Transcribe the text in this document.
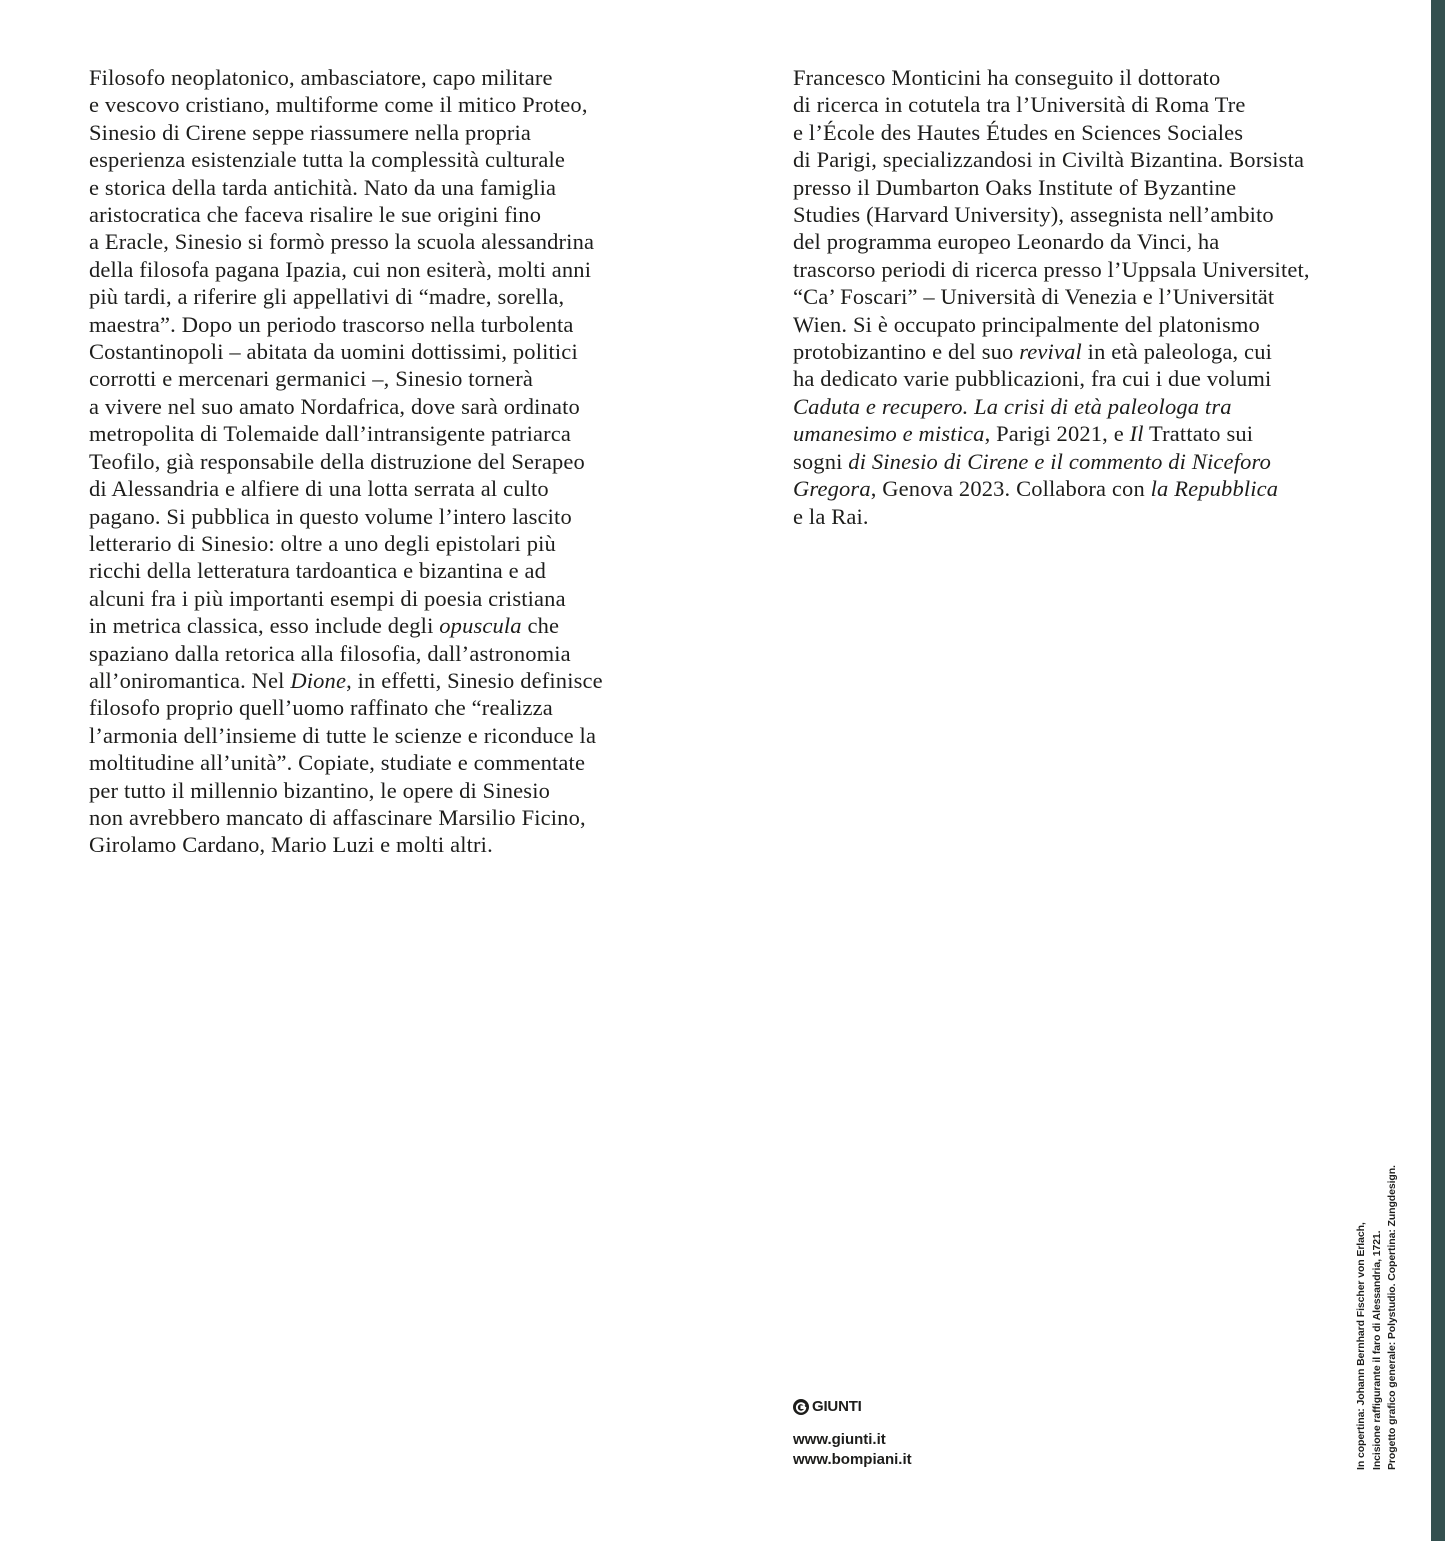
Filosofo neoplatonico, ambasciatore, capo militare
e vescovo cristiano, multiforme come il mitico Proteo,
Sinesio di Cirene seppe riassumere nella propria
esperienza esistenziale tutta la complessità culturale
e storica della tarda antichità. Nato da una famiglia
aristocratica che faceva risalire le sue origini fino
a Eracle, Sinesio si formò presso la scuola alessandrina
della filosofa pagana Ipazia, cui non esiterà, molti anni
più tardi, a riferire gli appellativi di “madre, sorella,
maestra”. Dopo un periodo trascorso nella turbolenta
Costantinopoli – abitata da uomini dottissimi, politici
corrotti e mercenari germanici –, Sinesio tornerà
a vivere nel suo amato Nordafrica, dove sarà ordinato
metropolita di Tolemaide dall’intransigente patriarca
Teofilo, già responsabile della distruzione del Serapeo
di Alessandria e alfiere di una lotta serrata al culto
pagano. Si pubblica in questo volume l’intero lascito
letterario di Sinesio: oltre a uno degli epistolari più
ricchi della letteratura tardoantica e bizantina e ad
alcuni fra i più importanti esempi di poesia cristiana
in metrica classica, esso include degli opuscula che
spaziano dalla retorica alla filosofia, dall’astronomia
all’oniromantica. Nel Dione, in effetti, Sinesio definisce
filosofo proprio quell’uomo raffinato che “realizza
l’armonia dell’insieme di tutte le scienze e riconduce la
moltitudine all’unità”. Copiate, studiate e commentate
per tutto il millennio bizantino, le opere di Sinesio
non avrebbero mancato di affascinare Marsilio Ficino,
Girolamo Cardano, Mario Luzi e molti altri.
Francesco Monticini ha conseguito il dottorato
di ricerca in cotutela tra l’Università di Roma Tre
e l’École des Hautes Études en Sciences Sociales
di Parigi, specializzandosi in Civiltà Bizantina. Borsista
presso il Dumbarton Oaks Institute of Byzantine
Studies (Harvard University), assegnista nell’ambito
del programma europeo Leonardo da Vinci, ha
trascorso periodi di ricerca presso l’Uppsala Universitet,
“Ca’ Foscari” – Università di Venezia e l’Universität
Wien. Si è occupato principalmente del platonismo
protobizantino e del suo revival in età paleologa, cui
ha dedicato varie pubblicazioni, fra cui i due volumi
Caduta e recupero. La crisi di età paleologa tra
umanesimo e mistica, Parigi 2021, e Il Trattato sui
sogni di Sinesio di Cirene e il commento di Niceforo
Gregora, Genova 2023. Collabora con la Repubblica
e la Rai.
GIUNTI
www.giunti.it
www.bompiani.it	In copertina: Johann Bernhard Fischer von Erlach, Incisione raffigurante il faro di Alessandria, 1721. Progetto grafico generale: Polystudio. Copertina: Zungdesign.
